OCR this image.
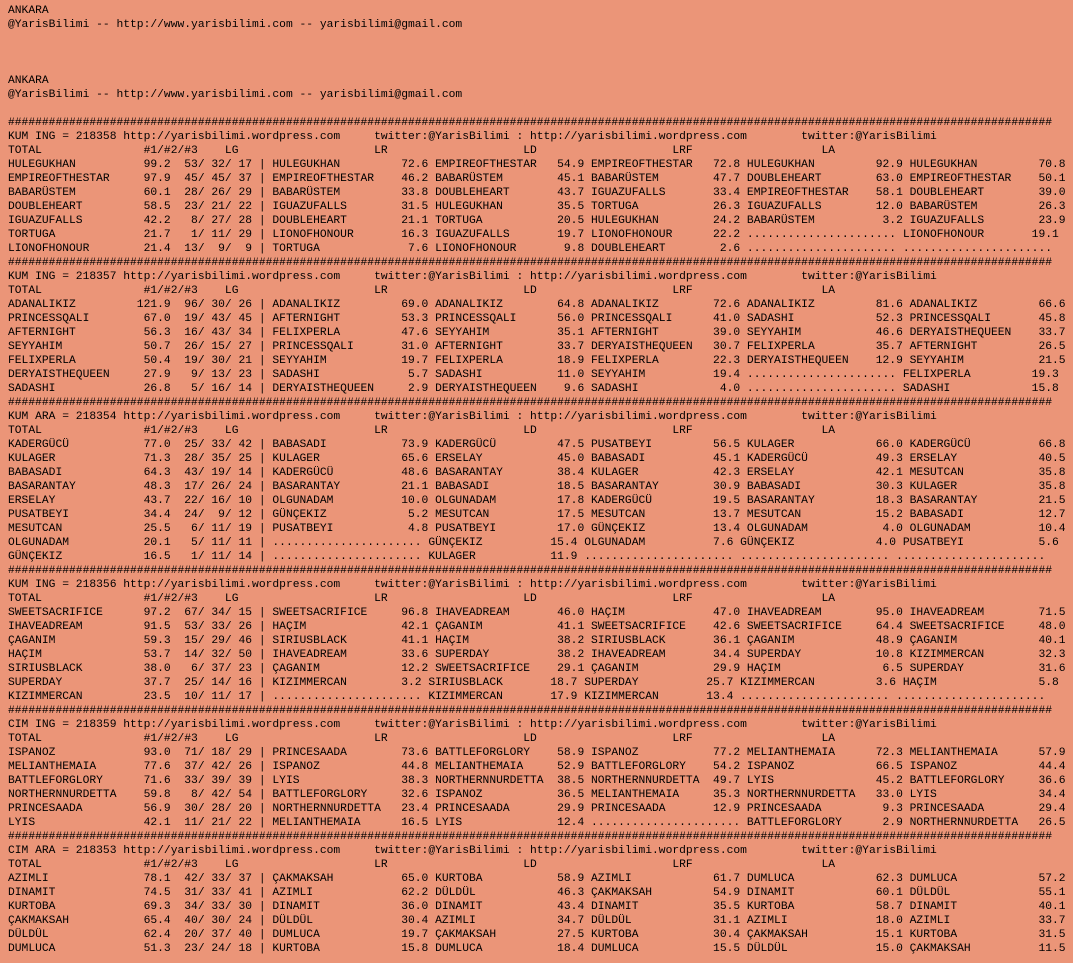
ANKARA
@YarisBilimi -- http://www.yarisbilimi.com -- yarisbilimi@gmail.com
ANKARA
@YarisBilimi -- http://www.yarisbilimi.com -- yarisbilimi@gmail.com
##########################################################################################################################################################
KUM ING = 218358 http://yarisbilimi.wordpress.com     twitter:@YarisBilimi : http://yarisbilimi.wordpress.com        twitter:@YarisBilimi
TOTAL               #1/#2/#3    LG                    LR                    LD                    LRF                   LA
HULEGUKHAN          99.2  53/ 32/ 17 | HULEGUKHAN         72.6 EMPIREOFTHESTAR   54.9 EMPIREOFTHESTAR   72.8 HULEGUKHAN         92.9 HULEGUKHAN         70.8
EMPIREOFTHESTAR     97.9  45/ 45/ 37 | EMPIREOFTHESTAR    46.2 BABARÜSTEM        45.1 BABARÜSTEM        47.7 DOUBLEHEART        63.0 EMPIREOFTHESTAR    50.1
BABARÜSTEM          60.1  28/ 26/ 29 | BABARÜSTEM         33.8 DOUBLEHEART       43.7 IGUAZUFALLS       33.4 EMPIREOFTHESTAR    58.1 DOUBLEHEART        39.0
DOUBLEHEART         58.5  23/ 21/ 22 | IGUAZUFALLS        31.5 HULEGUKHAN        35.5 TORTUGA           26.3 IGUAZUFALLS        12.0 BABARÜSTEM         26.3
IGUAZUFALLS         42.2   8/ 27/ 28 | DOUBLEHEART        21.1 TORTUGA           20.5 HULEGUKHAN        24.2 BABARÜSTEM          3.2 IGUAZUFALLS        23.9
TORTUGA             21.7   1/ 11/ 29 | LIONOFHONOUR       16.3 IGUAZUFALLS       19.7 LIONOFHONOUR      22.2 ...................... LIONOFHONOUR       19.1
LIONOFHONOUR        21.4  13/  9/  9 | TORTUGA             7.6 LIONOFHONOUR       9.8 DOUBLEHEART        2.6 ...................... ......................
##########################################################################################################################################################
KUM ING = 218357 http://yarisbilimi.wordpress.com     twitter:@YarisBilimi : http://yarisbilimi.wordpress.com        twitter:@YarisBilimi
TOTAL               #1/#2/#3    LG                    LR                    LD                    LRF                   LA
ADANALIKIZ         121.9  96/ 30/ 26 | ADANALIKIZ         69.0 ADANALIKIZ        64.8 ADANALIKIZ        72.6 ADANALIKIZ         81.6 ADANALIKIZ         66.6
PRINCESSQALI        67.0  19/ 43/ 45 | AFTERNIGHT         53.3 PRINCESSQALI      56.0 PRINCESSQALI      41.0 SADASHI            52.3 PRINCESSQALI       45.8
AFTERNIGHT          56.3  16/ 43/ 34 | FELIXPERLA         47.6 SEYYAHIM          35.1 AFTERNIGHT        39.0 SEYYAHIM           46.6 DERYAISTHEQUEEN    33.7
SEYYAHIM            50.7  26/ 15/ 27 | PRINCESSQALI       31.0 AFTERNIGHT        33.7 DERYAISTHEQUEEN   30.7 FELIXPERLA         35.7 AFTERNIGHT         26.5
FELIXPERLA          50.4  19/ 30/ 21 | SEYYAHIM           19.7 FELIXPERLA        18.9 FELIXPERLA        22.3 DERYAISTHEQUEEN    12.9 SEYYAHIM           21.5
DERYAISTHEQUEEN     27.9   9/ 13/ 23 | SADASHI             5.7 SADASHI           11.0 SEYYAHIM          19.4 ...................... FELIXPERLA         19.3
SADASHI             26.8   5/ 16/ 14 | DERYAISTHEQUEEN     2.9 DERYAISTHEQUEEN    9.6 SADASHI            4.0 ...................... SADASHI            15.8
##########################################################################################################################################################
KUM ARA = 218354 http://yarisbilimi.wordpress.com     twitter:@YarisBilimi : http://yarisbilimi.wordpress.com        twitter:@YarisBilimi
TOTAL               #1/#2/#3    LG                    LR                    LD                    LRF                   LA
KADERGÜCÜ           77.0  25/ 33/ 42 | BABASADI           73.9 KADERGÜCÜ         47.5 PUSATBEYI         56.5 KULAGER            66.0 KADERGÜCÜ          66.8
KULAGER             71.3  28/ 35/ 25 | KULAGER            65.6 ERSELAY           45.0 BABASADI          45.1 KADERGÜCÜ          49.3 ERSELAY            40.5
BABASADI            64.3  43/ 19/ 14 | KADERGÜCÜ          48.6 BASARANTAY        38.4 KULAGER           42.3 ERSELAY            42.1 MESUTCAN           35.8
BASARANTAY          48.3  17/ 26/ 24 | BASARANTAY         21.1 BABASADI          18.5 BASARANTAY        30.9 BABASADI           30.3 KULAGER            35.8
ERSELAY             43.7  22/ 16/ 10 | OLGUNADAM          10.0 OLGUNADAM         17.8 KADERGÜCÜ         19.5 BASARANTAY         18.3 BASARANTAY         21.5
PUSATBEYI           34.4  24/  9/ 12 | GÜNÇEKIZ            5.2 MESUTCAN          17.5 MESUTCAN          13.7 MESUTCAN           15.2 BABASADI           12.7
MESUTCAN            25.5   6/ 11/ 19 | PUSATBEYI           4.8 PUSATBEYI         17.0 GÜNÇEKIZ          13.4 OLGUNADAM           4.0 OLGUNADAM          10.4
OLGUNADAM           20.1   5/ 11/ 11 | ...................... GÜNÇEKIZ          15.4 OLGUNADAM          7.6 GÜNÇEKIZ            4.0 PUSATBEYI           5.6
GÜNÇEKIZ            16.5   1/ 11/ 14 | ...................... KULAGER           11.9 ...................... ...................... ......................
##########################################################################################################################################################
KUM ING = 218356 http://yarisbilimi.wordpress.com     twitter:@YarisBilimi : http://yarisbilimi.wordpress.com        twitter:@YarisBilimi
TOTAL               #1/#2/#3    LG                    LR                    LD                    LRF                   LA
SWEETSACRIFICE      97.2  67/ 34/ 15 | SWEETSACRIFICE     96.8 IHAVEADREAM       46.0 HAÇIM             47.0 IHAVEADREAM        95.0 IHAVEADREAM        71.5
IHAVEADREAM         91.5  53/ 33/ 26 | HAÇIM              42.1 ÇAGANIM           41.1 SWEETSACRIFICE    42.6 SWEETSACRIFICE     64.4 SWEETSACRIFICE     48.0
ÇAGANIM             59.3  15/ 29/ 46 | SIRIUSBLACK        41.1 HAÇIM             38.2 SIRIUSBLACK       36.1 ÇAGANIM            48.9 ÇAGANIM            40.1
HAÇIM               53.7  14/ 32/ 50 | IHAVEADREAM        33.6 SUPERDAY          38.2 IHAVEADREAM       34.4 SUPERDAY           10.8 KIZIMMERCAN        32.3
SIRIUSBLACK         38.0   6/ 37/ 23 | ÇAGANIM            12.2 SWEETSACRIFICE    29.1 ÇAGANIM           29.9 HAÇIM               6.5 SUPERDAY           31.6
SUPERDAY            37.7  25/ 14/ 16 | KIZIMMERCAN        3.2 SIRIUSBLACK       18.7 SUPERDAY          25.7 KIZIMMERCAN         3.6 HAÇIM               5.8
KIZIMMERCAN         23.5  10/ 11/ 17 | ...................... KIZIMMERCAN       17.9 KIZIMMERCAN       13.4 ...................... ......................
##########################################################################################################################################################
CIM ING = 218359 http://yarisbilimi.wordpress.com     twitter:@YarisBilimi : http://yarisbilimi.wordpress.com        twitter:@YarisBilimi
TOTAL               #1/#2/#3    LG                    LR                    LD                    LRF                   LA
ISPANOZ             93.0  71/ 18/ 29 | PRINCESAADA        73.6 BATTLEFORGLORY    58.9 ISPANOZ           77.2 MELIANTHEMAIA      72.3 MELIANTHEMAIA      57.9
MELIANTHEMAIA       77.6  37/ 42/ 26 | ISPANOZ            44.8 MELIANTHEMAIA     52.9 BATTLEFORGLORY    54.2 ISPANOZ            66.5 ISPANOZ            44.4
BATTLEFORGLORY      71.6  33/ 39/ 39 | LYIS               38.3 NORTHERNNURDETTA  38.5 NORTHERNNURDETTA  49.7 LYIS               45.2 BATTLEFORGLORY     36.6
NORTHERNNURDETTA    59.8   8/ 42/ 54 | BATTLEFORGLORY     32.6 ISPANOZ           36.5 MELIANTHEMAIA     35.3 NORTHERNNURDETTA   33.0 LYIS               34.4
PRINCESAADA         56.9  30/ 28/ 20 | NORTHERNNURDETTA   23.4 PRINCESAADA       29.9 PRINCESAADA       12.9 PRINCESAADA         9.3 PRINCESAADA        29.4
LYIS                42.1  11/ 21/ 22 | MELIANTHEMAIA      16.5 LYIS              12.4 ...................... BATTLEFORGLORY      2.9 NORTHERNNURDETTA   26.5
##########################################################################################################################################################
CIM ARA = 218353 http://yarisbilimi.wordpress.com     twitter:@YarisBilimi : http://yarisbilimi.wordpress.com        twitter:@YarisBilimi
TOTAL               #1/#2/#3    LG                    LR                    LD                    LRF                   LA
AZIMLI              78.1  42/ 33/ 37 | ÇAKMAKSAH          65.0 KURTOBA           58.9 AZIMLI            61.7 DUMLUCA            62.3 DUMLUCA            57.2
DINAMIT             74.5  31/ 33/ 41 | AZIMLI             62.2 DÜLDÜL            46.3 ÇAKMAKSAH         54.9 DINAMIT            60.1 DÜLDÜL             55.1
KURTOBA             69.3  34/ 33/ 30 | DINAMIT            36.0 DINAMIT           43.4 DINAMIT           35.5 KURTOBA            58.7 DINAMIT            40.1
ÇAKMAKSAH           65.4  40/ 30/ 24 | DÜLDÜL             30.4 AZIMLI            34.7 DÜLDÜL            31.1 AZIMLI             18.0 AZIMLI             33.7
DÜLDÜL              62.4  20/ 37/ 40 | DUMLUCA            19.7 ÇAKMAKSAH         27.5 KURTOBA           30.4 ÇAKMAKSAH          15.1 KURTOBA            31.5
DUMLUCA             51.3  23/ 24/ 18 | KURTOBA            15.8 DUMLUCA           18.4 DUMLUCA           15.5 DÜLDÜL             15.0 ÇAKMAKSAH          11.5
